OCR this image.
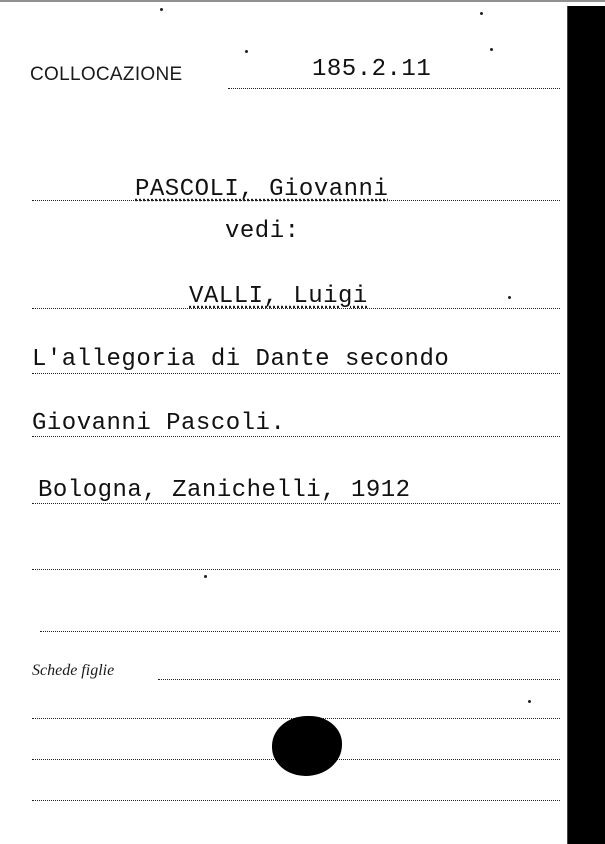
COLLOCAZIONE	185.2.11
PASCOLI, Giovanni
vedi:
VALLI, Luigi
L'allegoria di Dante secondo
Giovanni Pascoli.
Bologna, Zanichelli, 1912
Schede figlie
